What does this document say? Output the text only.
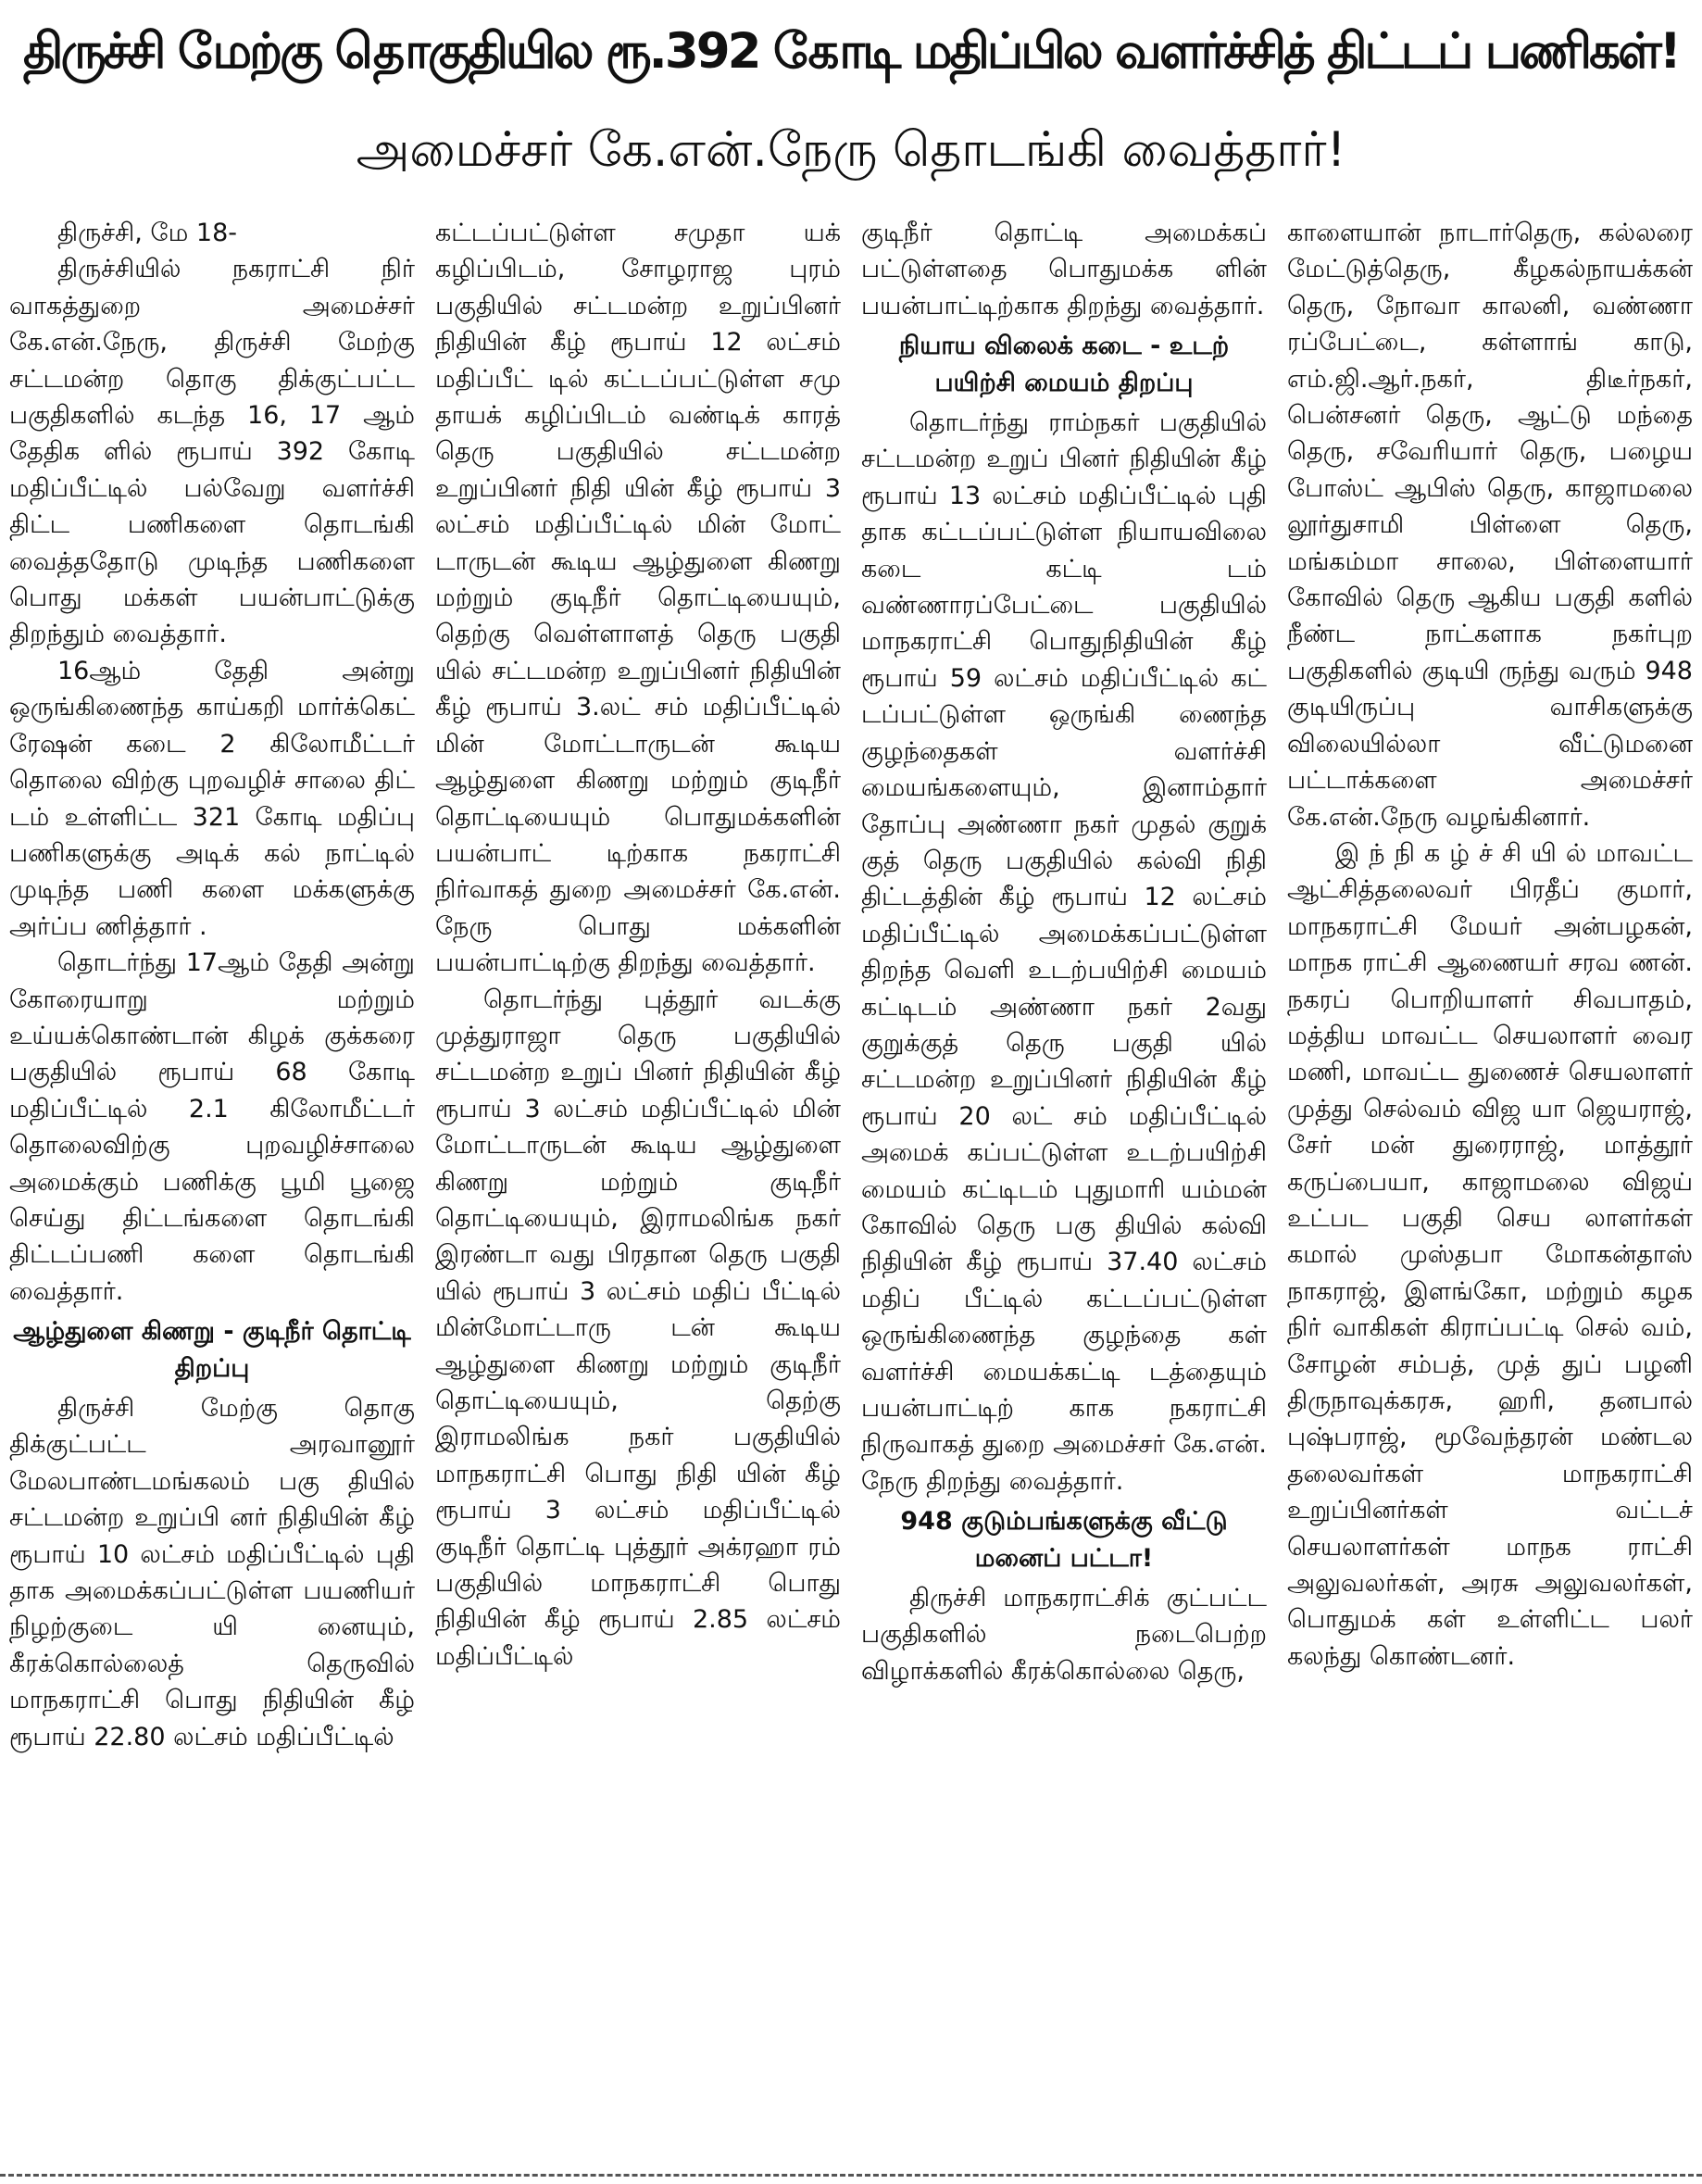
திருச்சி மேற்கு தொகுதியில ரூ.392 கோடி மதிப்பில வளர்ச்சித் திட்டப் பணிகள்!
அமைச்சர் கே.என்.நேரு தொடங்கி வைத்தார்!

திருச்சி, மே 18-

திருச்சியில் நகராட்சி நிர் வாகத்துறை அமைச்சர் கே.என்.நேரு, திருச்சி மேற்கு சட்டமன்ற தொகு திக்குட்பட்ட பகுதிகளில் கடந்த 16, 17 ஆம் தேதிக ளில் ரூபாய் 392 கோடி மதிப்பீட்டில் பல்வேறு வளர்ச்சி திட்ட பணிகளை தொடங்கி வைத்ததோடு முடிந்த பணிகளை பொது மக்கள் பயன்பாட்டுக்கு திறந்தும் வைத்தார்.

16ஆம் தேதி அன்று ஒருங்கிணைந்த காய்கறி மார்க்கெட் ரேஷன் கடை 2 கிலோமீட்டர் தொலை விற்கு புறவழிச் சாலை திட் டம் உள்ளிட்ட 321 கோடி மதிப்பு பணிகளுக்கு அடிக் கல் நாட்டில் முடிந்த பணி களை மக்களுக்கு அர்ப்ப ணித்தார் .

தொடர்ந்து 17ஆம் தேதி அன்று கோரையாறு மற்றும் உய்யக்கொண்டான் கிழக் குக்கரை பகுதியில் ரூபாய் 68 கோடி மதிப்பீட்டில் 2.1 கிலோமீட்டர் தொலைவிற்கு புறவழிச்சாலை அமைக்கும் பணிக்கு பூமி பூஜை செய்து திட்டங்களை தொடங்கி திட்டப்பணி களை தொடங்கி வைத்தார்.

ஆழ்துளை கிணறு - குடிநீர் தொட்டி திறப்பு

திருச்சி மேற்கு தொகு திக்குட்பட்ட அரவானூர் மேலபாண்டமங்கலம் பகு தியில் சட்டமன்ற உறுப்பி னர் நிதியின் கீழ் ரூபாய் 10 லட்சம் மதிப்பீட்டில் புதி தாக அமைக்கப்பட்டுள்ள பயணியர் நிழற்குடை யி னையும், கீரக்கொல்லைத் தெருவில் மாநகராட்சி பொது நிதியின் கீழ் ரூபாய் 22.80 லட்சம் மதிப்பீட்டில்

கட்டப்பட்டுள்ள சமுதா யக் கழிப்பிடம், சோழராஜ புரம் பகுதியில் சட்டமன்ற உறுப்பினர் நிதியின் கீழ் ரூபாய் 12 லட்சம் மதிப்பீட் டில் கட்டப்பட்டுள்ள சமு தாயக் கழிப்பிடம் வண்டிக் காரத் தெரு பகுதியில் சட்டமன்ற உறுப்பினர் நிதி யின் கீழ் ரூபாய் 3 லட்சம் மதிப்பீட்டில் மின் மோட் டாருடன் கூடிய ஆழ்துளை கிணறு மற்றும் குடிநீர் தொட்டியையும், தெற்கு வெள்ளாளத் தெரு பகுதி யில் சட்டமன்ற உறுப்பினர் நிதியின் கீழ் ரூபாய் 3.லட் சம் மதிப்பீட்டில் மின் மோட்டாருடன் கூடிய ஆழ்துளை கிணறு மற்றும் குடிநீர் தொட்டியையும் பொதுமக்களின் பயன்பாட் டிற்காக நகராட்சி நிர்வாகத் துறை அமைச்சர் கே.என். நேரு பொது மக்களின் பயன்பாட்டிற்கு திறந்து வைத்தார்.

தொடர்ந்து புத்தூர் வடக்கு முத்துராஜா தெரு பகுதியில் சட்டமன்ற உறுப் பினர் நிதியின் கீழ் ரூபாய் 3 லட்சம் மதிப்பீட்டில் மின் மோட்டாருடன் கூடிய ஆழ்துளை கிணறு மற்றும் குடிநீர் தொட்டியையும், இராமலிங்க நகர் இரண்டா வது பிரதான தெரு பகுதி யில் ரூபாய் 3 லட்சம் மதிப் பீட்டில் மின்மோட்டாரு டன் கூடிய ஆழ்துளை கிணறு மற்றும் குடிநீர் தொட்டியையும், தெற்கு இராமலிங்க நகர் பகுதியில் மாநகராட்சி பொது நிதி யின் கீழ் ரூபாய் 3 லட்சம் மதிப்பீட்டில் குடிநீர் தொட்டி புத்தூர் அக்ரஹா ரம் பகுதியில் மாநகராட்சி பொது நிதியின் கீழ் ரூபாய் 2.85 லட்சம் மதிப்பீட்டில்

குடிநீர் தொட்டி அமைக்கப் பட்டுள்ளதை பொதுமக்க ளின் பயன்பாட்டிற்காக திறந்து வைத்தார்.

நியாய விலைக் கடை - உடற் பயிற்சி மையம் திறப்பு

தொடர்ந்து ராம்நகர் பகுதியில் சட்டமன்ற உறுப் பினர் நிதியின் கீழ் ரூபாய் 13 லட்சம் மதிப்பீட்டில் புதி தாக கட்டப்பட்டுள்ள நியாயவிலை கடை கட்டி டம் வண்ணாரப்பேட்டை பகுதியில் மாநகராட்சி பொதுநிதியின் கீழ் ரூபாய் 59 லட்சம் மதிப்பீட்டில் கட் டப்பட்டுள்ள ஒருங்கி ணைந்த குழந்தைகள் வளர்ச்சி மையங்களையும், இனாம்தார் தோப்பு அண்ணா நகர் முதல் குறுக் குத் தெரு பகுதியில் கல்வி நிதி திட்டத்தின் கீழ் ரூபாய் 12 லட்சம் மதிப்பீட்டில் அமைக்கப்பட்டுள்ள திறந்த வெளி உடற்பயிற்சி மையம் கட்டிடம் அண்ணா நகர் 2வது குறுக்குத் தெரு பகுதி யில் சட்டமன்ற உறுப்பினர் நிதியின் கீழ் ரூபாய் 20 லட் சம் மதிப்பீட்டில் அமைக் கப்பட்டுள்ள உடற்பயிற்சி மையம் கட்டிடம் புதுமாரி யம்மன் கோவில் தெரு பகு தியில் கல்வி நிதியின் கீழ் ரூபாய் 37.40 லட்சம் மதிப் பீட்டில் கட்டப்பட்டுள்ள ஒருங்கிணைந்த குழந்தை கள் வளர்ச்சி மையக்கட்டி டத்தையும் பயன்பாட்டிற் காக நகராட்சி நிருவாகத் துறை அமைச்சர் கே.என். நேரு திறந்து வைத்தார்.

948 குடும்பங்களுக்கு வீட்டு மனைப் பட்டா!

திருச்சி மாநகராட்சிக் குட்பட்ட பகுதிகளில் நடைபெற்ற விழாக்களில் கீரக்கொல்லை தெரு,

காளையான் நாடார்தெரு, கல்லரை மேட்டுத்தெரு, கீழகல்நாயக்கன் தெரு, நோவா காலனி, வண்ணா ரப்பேட்டை, கள்ளாங் காடு, எம்.ஜி.ஆர்.நகர், திடீர்நகர், பென்சனர் தெரு, ஆட்டு மந்தை தெரு, சவேரியார் தெரு, பழைய போஸ்ட் ஆபிஸ் தெரு, காஜாமலை லூர்துசாமி பிள்ளை தெரு, மங்கம்மா சாலை, பிள்ளையார் கோவில் தெரு ஆகிய பகுதி களில் நீண்ட நாட்களாக நகர்புற பகுதிகளில் குடியி ருந்து வரும் 948 குடியிருப்பு வாசிகளுக்கு விலையில்லா வீட்டுமனை பட்டாக்களை அமைச்சர் கே.என்.நேரு வழங்கினார்.

இ ந் நி க ழ் ச் சி யி ல் மாவட்ட ஆட்சித்தலைவர் பிரதீப் குமார், மாநகராட்சி மேயர் அன்பழகன், மாநக ராட்சி ஆணையர் சரவ ணன். நகரப் பொறியாளர் சிவபாதம், மத்திய மாவட்ட செயலாளர் வைர மணி, மாவட்ட துணைச் செயலாளர் முத்து செல்வம் விஜ யா ஜெயராஜ், சேர் மன் துரைராஜ், மாத்தூர் கருப்பையா, காஜாமலை விஜய் உட்பட பகுதி செய லாளர்கள் கமால் முஸ்தபா மோகன்தாஸ் நாகராஜ், இளங்கோ, மற்றும் கழக நிர் வாகிகள் கிராப்பட்டி செல் வம், சோழன் சம்பத், முத் துப் பழனி திருநாவுக்கரசு, ஹரி, தனபால் புஷ்பராஜ், மூவேந்தரன் மண்டல தலைவர்கள் மாநகராட்சி உறுப்பினர்கள் வட்டச் செயலாளர்கள் மாநக ராட்சி அலுவலர்கள், அரசு அலுவலர்கள், பொதுமக் கள் உள்ளிட்ட பலர் கலந்து கொண்டனர்.
